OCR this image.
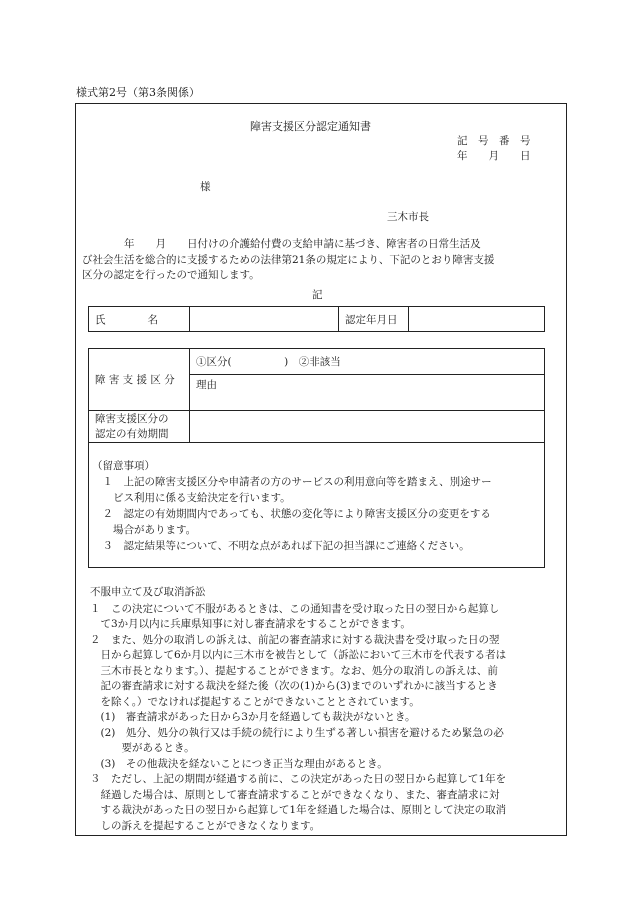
様式第2号（第3条関係）
障害支援区分認定通知書
記　号　番　号
年　　月　　日
様
三木市長
　　　　年　　月　　日付けの介護給付費の支給申請に基づき、障害者の日常生活及
び社会生活を総合的に支援するための法律第21条の規定により、下記のとおり障害支援
区分の認定を行ったので通知します。
記
氏　　　　名		認定年月日	
障 害 支 援 区 分	①区分(　　　　　)　②非該当
	理由

障害支援区分の
認定の有効期間	

（留意事項）
　１　上記の障害支援区分や申請者の方のサービスの利用意向等を踏まえ、別途サー
　　ビス利用に係る支給決定を行います。
　２　認定の有効期間内であっても、状態の変化等により障害支援区分の変更をする
　　場合があります。
　３　認定結果等について、不明な点があれば下記の担当課にご連絡ください。
不服申立て及び取消訴訟
１　この決定について不服があるときは、この通知書を受け取った日の翌日から起算し
　て3か月以内に兵庫県知事に対し審査請求をすることができます。
２　また、処分の取消しの訴えは、前記の審査請求に対する裁決書を受け取った日の翌
　日から起算して6か月以内に三木市を被告として（訴訟において三木市を代表する者は
　三木市長となります。）、提起することができます。なお、処分の取消しの訴えは、前
　記の審査請求に対する裁決を経た後（次の(1)から(3)までのいずれかに該当するとき
　を除く。）でなければ提起することができないこととされています。
　(1)　審査請求があった日から3か月を経過しても裁決がないとき。
　(2)　処分、処分の執行又は手続の続行により生ずる著しい損害を避けるため緊急の必
　　　要があるとき。
　(3)　その他裁決を経ないことにつき正当な理由があるとき。
３　ただし、上記の期間が経過する前に、この決定があった日の翌日から起算して1年を
　経過した場合は、原則として審査請求することができなくなり、また、審査請求に対
　する裁決があった日の翌日から起算して1年を経過した場合は、原則として決定の取消
　しの訴えを提起することができなくなります。
